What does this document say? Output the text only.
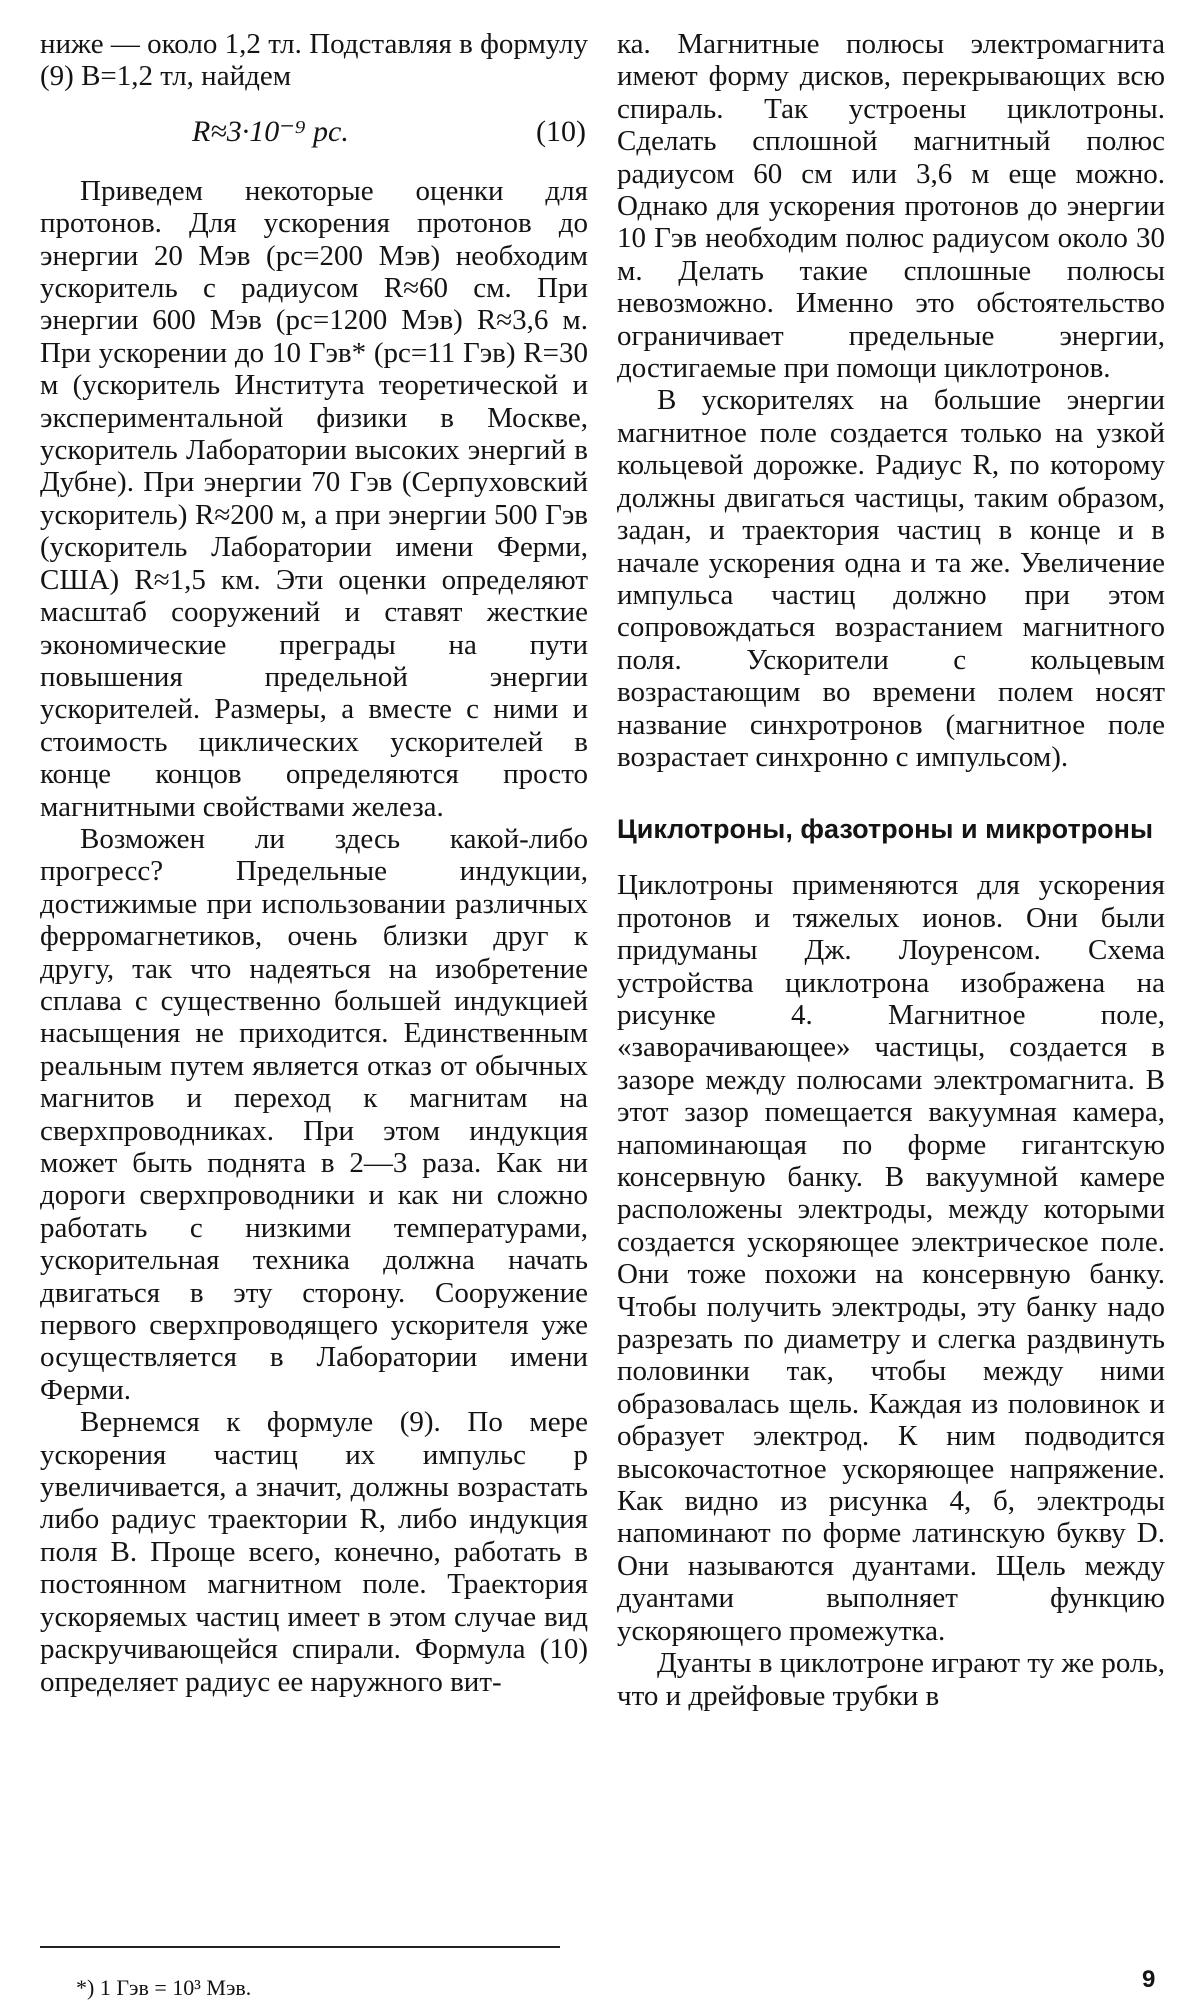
ниже — около 1,2 тл. Подставляя в формулу (9) B=1,2 тл, найдем

R≈3·10⁻⁹ pc.	(10)

Приведем некоторые оценки для протонов. Для ускорения протонов до энергии 20 Мэв (pc=200 Мэв) необходим ускоритель с радиусом R≈60 см. При энергии 600 Мэв (pc=1200 Мэв) R≈3,6 м. При ускорении до 10 Гэв* (pc=11 Гэв) R=30 м (ускоритель Института теоретической и экспериментальной физики в Москве, ускоритель Лаборатории высоких энергий в Дубне). При энергии 70 Гэв (Серпуховский ускоритель) R≈200 м, а при энергии 500 Гэв (ускоритель Лаборатории имени Ферми, США) R≈1,5 км. Эти оценки определяют масштаб сооружений и ставят жесткие экономические преграды на пути повышения предельной энергии ускорителей. Размеры, а вместе с ними и стоимость циклических ускорителей в конце концов определяются просто магнитными свойствами железа.

Возможен ли здесь какой-либо прогресс? Предельные индукции, достижимые при использовании различных ферромагнетиков, очень близки друг к другу, так что надеяться на изобретение сплава с существенно большей индукцией насыщения не приходится. Единственным реальным путем является отказ от обычных магнитов и переход к магнитам на сверхпроводниках. При этом индукция может быть поднята в 2—3 раза. Как ни дороги сверхпроводники и как ни сложно работать с низкими температурами, ускорительная техника должна начать двигаться в эту сторону. Сооружение первого сверхпроводящего ускорителя уже осуществляется в Лаборатории имени Ферми.

Вернемся к формуле (9). По мере ускорения частиц их импульс p увеличивается, а значит, должны возрастать либо радиус траектории R, либо индукция поля B. Проще всего, конечно, работать в постоянном магнитном поле. Траектория ускоряемых частиц имеет в этом случае вид раскручивающейся спирали. Формула (10) определяет радиус ее наружного вит-

ка. Магнитные полюсы электромагнита имеют форму дисков, перекрывающих всю спираль. Так устроены циклотроны. Сделать сплошной магнитный полюс радиусом 60 см или 3,6 м еще можно. Однако для ускорения протонов до энергии 10 Гэв необходим полюс радиусом около 30 м. Делать такие сплошные полюсы невозможно. Именно это обстоятельство ограничивает предельные энергии, достигаемые при помощи циклотронов.

В ускорителях на большие энергии магнитное поле создается только на узкой кольцевой дорожке. Радиус R, по которому должны двигаться частицы, таким образом, задан, и траектория частиц в конце и в начале ускорения одна и та же. Увеличение импульса частиц должно при этом сопровождаться возрастанием магнитного поля. Ускорители с кольцевым возрастающим во времени полем носят название синхротронов (магнитное поле возрастает синхронно с импульсом).

Циклотроны, фазотроны и микротроны

Циклотроны применяются для ускорения протонов и тяжелых ионов. Они были придуманы Дж. Лоуренсом. Схема устройства циклотрона изображена на рисунке 4. Магнитное поле, «заворачивающее» частицы, создается в зазоре между полюсами электромагнита. В этот зазор помещается вакуумная камера, напоминающая по форме гигантскую консервную банку. В вакуумной камере расположены электроды, между которыми создается ускоряющее электрическое поле. Они тоже похожи на консервную банку. Чтобы получить электроды, эту банку надо разрезать по диаметру и слегка раздвинуть половинки так, чтобы между ними образовалась щель. Каждая из половинок и образует электрод. К ним подводится высокочастотное ускоряющее напряжение. Как видно из рисунка 4, б, электроды напоминают по форме латинскую букву D. Они называются дуантами. Щель между дуантами выполняет функцию ускоряющего промежутка.

Дуанты в циклотроне играют ту же роль, что и дрейфовые трубки в

*) 1 Гэв = 10³ Мэв.	9
